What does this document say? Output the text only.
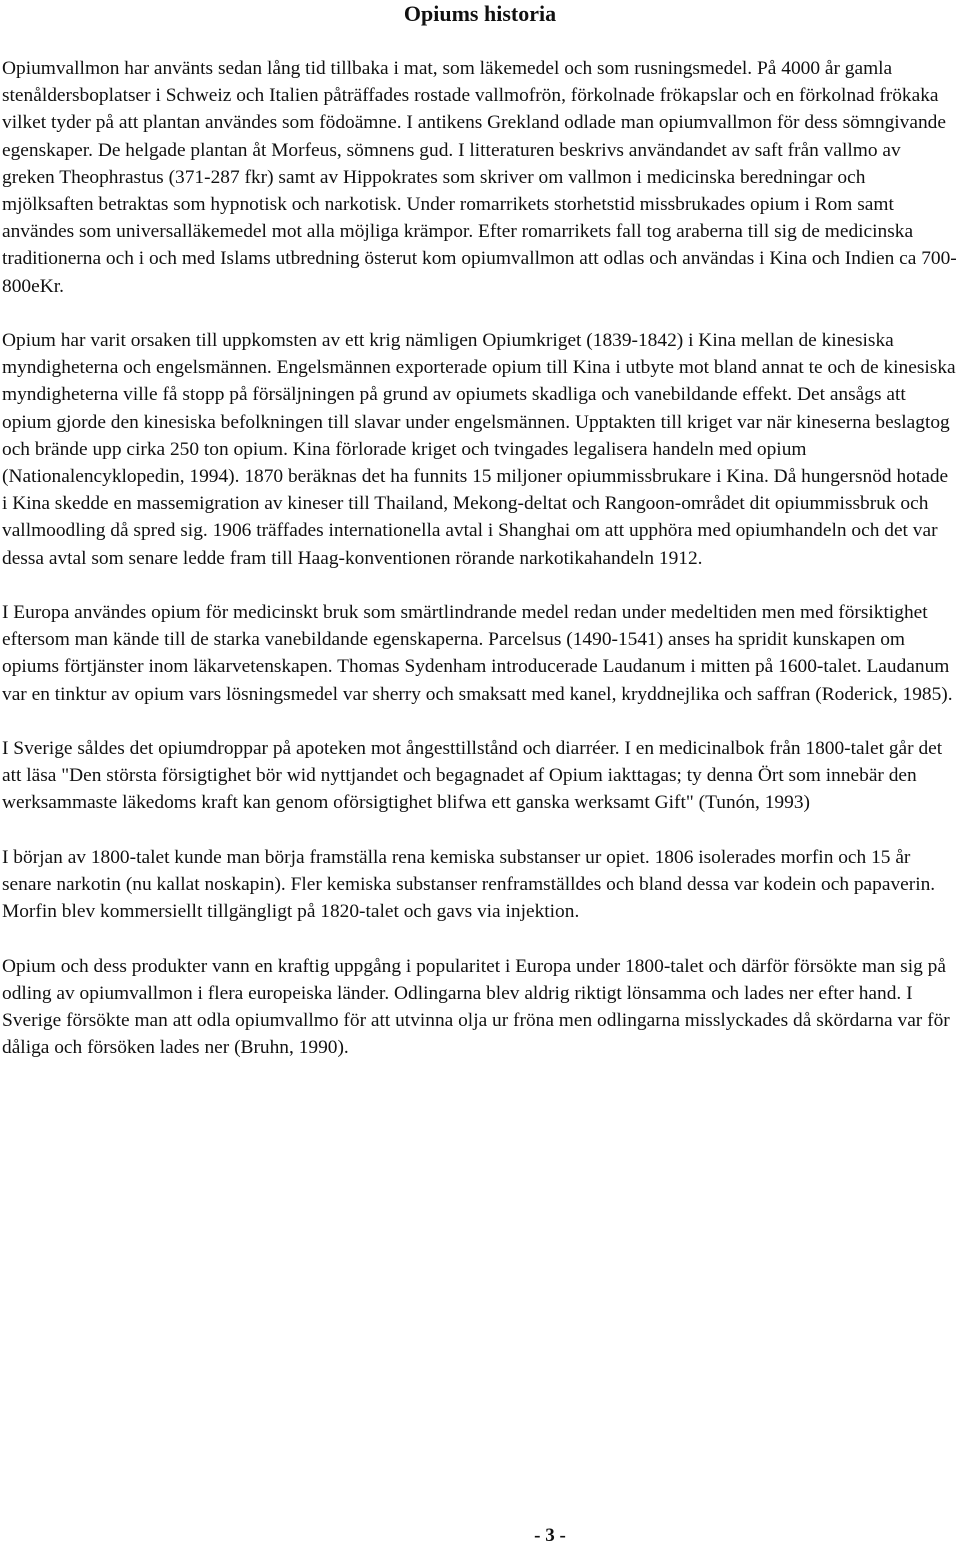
Opiums historia

Opiumvallmon har använts sedan lång tid tillbaka i mat, som läkemedel och som rusningsmedel. På 4000 år gamla stenåldersboplatser i Schweiz och Italien påträffades rostade vallmofrön, förkolnade frökapslar och en förkolnad frökaka vilket tyder på att plantan användes som födoämne. I antikens Grekland odlade man opiumvallmon för dess sömngivande egenskaper. De helgade plantan åt Morfeus, sömnens gud. I litteraturen beskrivs användandet av saft från vallmo av greken Theophrastus (371-287 fkr) samt av Hippokrates som skriver om vallmon i medicinska beredningar och mjölksaften betraktas som hypnotisk och narkotisk. Under romarrikets storhetstid missbrukades opium i Rom samt användes som universalläkemedel mot alla möjliga krämpor. Efter romarrikets fall tog araberna till sig de medicinska traditionerna och i och med Islams utbredning österut kom opiumvallmon att odlas och användas i Kina och Indien ca 700-800eKr.

Opium har varit orsaken till uppkomsten av ett krig nämligen Opiumkriget (1839-1842) i Kina mellan de kinesiska myndigheterna och engelsmännen. Engelsmännen exporterade opium till Kina i utbyte mot bland annat te och de kinesiska myndigheterna ville få stopp på försäljningen på grund av opiumets skadliga och vanebildande effekt. Det ansågs att opium gjorde den kinesiska befolkningen till slavar under engelsmännen. Upptakten till kriget var när kineserna beslagtog och brände upp cirka 250 ton opium. Kina förlorade kriget och tvingades legalisera handeln med opium (Nationalencyklopedin, 1994). 1870 beräknas det ha funnits 15 miljoner opiummissbrukare i Kina. Då hungersnöd hotade i Kina skedde en massemigration av kineser till Thailand, Mekong-deltat och Rangoon-området dit opiummissbruk och vallmoodling då spred sig. 1906 träffades internationella avtal i Shanghai om att upphöra med opiumhandeln och det var dessa avtal som senare ledde fram till Haag-konventionen rörande narkotikahandeln 1912.

I Europa användes opium för medicinskt bruk som smärtlindrande medel redan under medeltiden men med försiktighet eftersom man kände till de starka vanebildande egenskaperna. Parcelsus (1490-1541) anses ha spridit kunskapen om opiums förtjänster inom läkarvetenskapen. Thomas Sydenham introducerade Laudanum i mitten på 1600-talet. Laudanum var en tinktur av opium vars lösningsmedel var sherry och smaksatt med kanel, kryddnejlika och saffran (Roderick, 1985).

I Sverige såldes det opiumdroppar på apoteken mot ångesttillstånd och diarréer. I en medicinalbok från 1800-talet går det att läsa "Den största försigtighet bör wid nyttjandet och begagnadet af Opium iakttagas; ty denna Ört som innebär den werksammaste läkedoms kraft kan genom oförsigtighet blifwa ett ganska werksamt Gift" (Tunón, 1993)

I början av 1800-talet kunde man börja framställa rena kemiska substanser ur opiet. 1806 isolerades morfin och 15 år senare narkotin (nu kallat noskapin). Fler kemiska substanser renframställdes och bland dessa var kodein och papaverin. Morfin blev kommersiellt tillgängligt på 1820-talet och gavs via injektion.

Opium och dess produkter vann en kraftig uppgång i popularitet i Europa under 1800-talet och därför försökte man sig på odling av opiumvallmon i flera europeiska länder. Odlingarna blev aldrig riktigt lönsamma och lades ner efter hand. I Sverige försökte man att odla opiumvallmo för att utvinna olja ur fröna men odlingarna misslyckades då skördarna var för dåliga och försöken lades ner (Bruhn, 1990).

- 3 -
